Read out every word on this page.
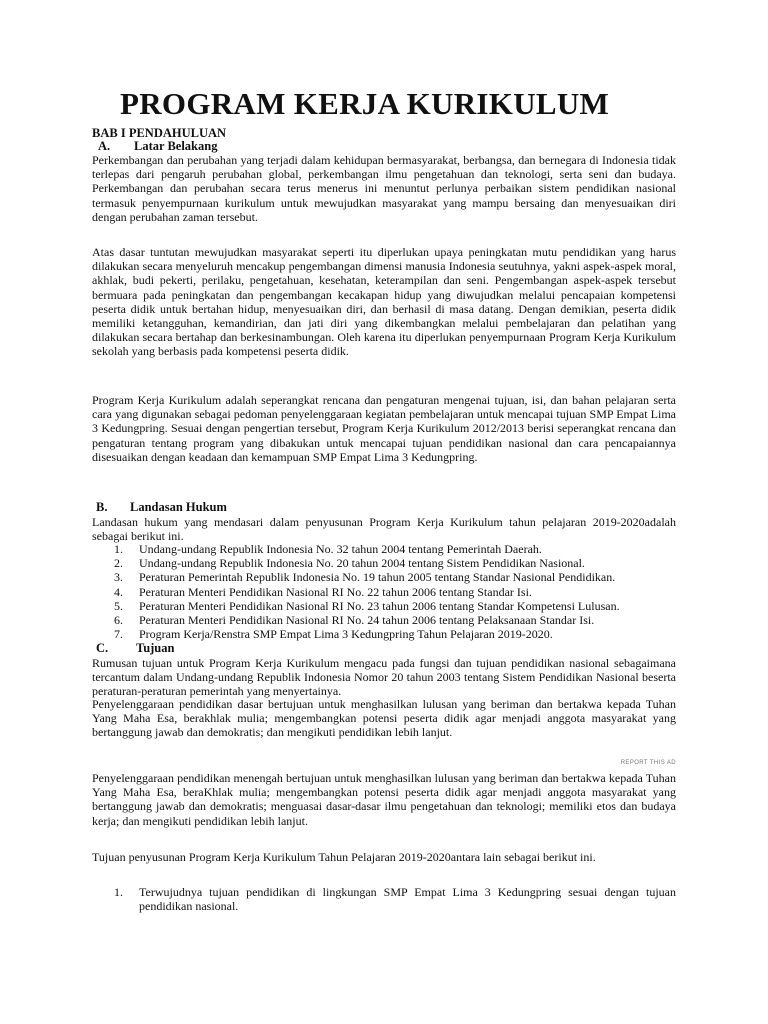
PROGRAM KERJA KURIKULUM
BAB I PENDAHULUAN
A. Latar Belakang

Perkembangan dan perubahan yang terjadi dalam kehidupan bermasyarakat, berbangsa, dan bernegara di Indonesia tidak terlepas dari pengaruh perubahan global, perkembangan ilmu pengetahuan dan teknologi, serta seni dan budaya. Perkembangan dan perubahan secara terus menerus ini menuntut perlunya perbaikan sistem pendidikan nasional termasuk penyempurnaan kurikulum untuk mewujudkan masyarakat yang mampu bersaing dan menyesuaikan diri dengan perubahan zaman tersebut.

Atas dasar tuntutan mewujudkan masyarakat seperti itu diperlukan upaya peningkatan mutu pendidikan yang harus dilakukan secara menyeluruh mencakup pengembangan dimensi manusia Indonesia seutuhnya, yakni aspek-aspek moral, akhlak, budi pekerti, perilaku, pengetahuan, kesehatan, keterampilan dan seni. Pengembangan aspek-aspek tersebut bermuara pada peningkatan dan pengembangan kecakapan hidup yang diwujudkan melalui pencapaian kompetensi peserta didik untuk bertahan hidup, menyesuaikan diri, dan berhasil di masa datang. Dengan demikian, peserta didik memiliki ketangguhan, kemandirian, dan jati diri yang dikembangkan melalui pembelajaran dan pelatihan yang dilakukan secara bertahap dan berkesinambungan. Oleh karena itu diperlukan penyempurnaan Program Kerja Kurikulum sekolah yang berbasis pada kompetensi peserta didik.

Program Kerja Kurikulum adalah seperangkat rencana dan pengaturan mengenai tujuan, isi, dan bahan pelajaran serta cara yang digunakan sebagai pedoman penyelenggaraan kegiatan pembelajaran untuk mencapai tujuan SMP Empat Lima 3 Kedungpring. Sesuai dengan pengertian tersebut, Program Kerja Kurikulum 2012/2013 berisi seperangkat rencana dan pengaturan tentang program yang dibakukan untuk mencapai tujuan pendidikan nasional dan cara pencapaiannya disesuaikan dengan keadaan dan kemampuan SMP Empat Lima 3 Kedungpring.

B. Landasan Hukum

Landasan hukum yang mendasari dalam penyusunan Program Kerja Kurikulum tahun pelajaran 2019-2020adalah sebagai berikut ini.

1. Undang-undang Republik Indonesia No. 32 tahun 2004 tentang Pemerintah Daerah.
2. Undang-undang Republik Indonesia No. 20 tahun 2004 tentang Sistem Pendidikan Nasional.
3. Peraturan Pemerintah Republik Indonesia No. 19 tahun 2005 tentang Standar Nasional Pendidikan.
4. Peraturan Menteri Pendidikan Nasional RI No. 22 tahun 2006 tentang Standar Isi.
5. Peraturan Menteri Pendidikan Nasional RI No. 23 tahun 2006 tentang Standar Kompetensi Lulusan.
6. Peraturan Menteri Pendidikan Nasional RI No. 24 tahun 2006 tentang Pelaksanaan Standar Isi.
7. Program Kerja/Renstra SMP Empat Lima 3 Kedungpring Tahun Pelajaran 2019-2020.
C. Tujuan

Rumusan tujuan untuk Program Kerja Kurikulum mengacu pada fungsi dan tujuan pendidikan nasional sebagaimana tercantum dalam Undang-undang Republik Indonesia Nomor 20 tahun 2003 tentang Sistem Pendidikan Nasional beserta peraturan-peraturan pemerintah yang menyertainya.

Penyelenggaraan pendidikan dasar bertujuan untuk menghasilkan lulusan yang beriman dan bertakwa kepada Tuhan Yang Maha Esa, berakhlak mulia; mengembangkan potensi peserta didik agar menjadi anggota masyarakat yang bertanggung jawab dan demokratis; dan mengikuti pendidikan lebih lanjut.

REPORT THIS AD

Penyelenggaraan pendidikan menengah bertujuan untuk menghasilkan lulusan yang beriman dan bertakwa kepada Tuhan Yang Maha Esa, beraKhlak mulia; mengembangkan potensi peserta didik agar menjadi anggota masyarakat yang bertanggung jawab dan demokratis; menguasai dasar-dasar ilmu pengetahuan dan teknologi; memiliki etos dan budaya kerja; dan mengikuti pendidikan lebih lanjut.

Tujuan penyusunan Program Kerja Kurikulum Tahun Pelajaran 2019-2020antara lain sebagai berikut ini.

1. Terwujudnya tujuan pendidikan di lingkungan SMP Empat Lima 3 Kedungpring sesuai dengan tujuan pendidikan nasional.
